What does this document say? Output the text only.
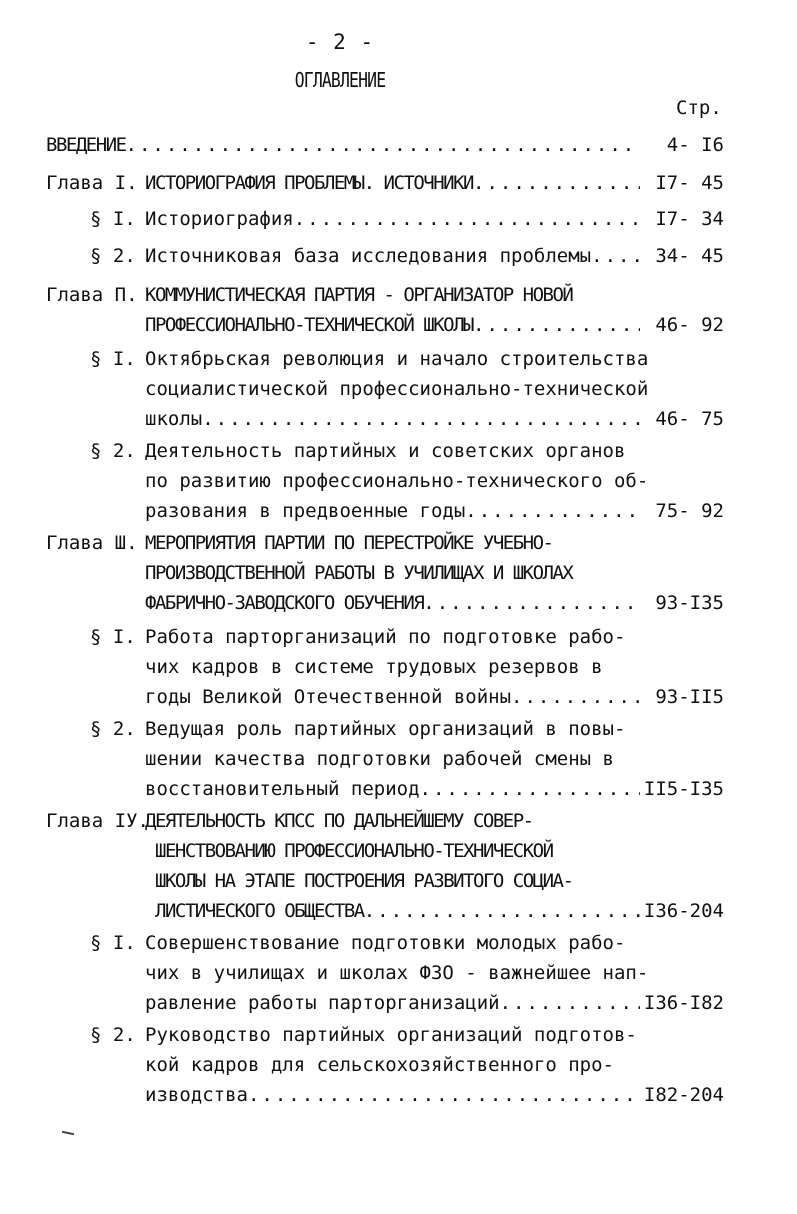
- 2 -
ОГЛАВЛЕНИЕ
Стр.
ВВЕДЕНИЕ .....	4- I6
Глава I. ИСТОРИОГРАФИЯ ПРОБЛЕМЫ. ИСТОЧНИКИ .....	I7- 45
§ I. Историография .....	I7- 34
§ 2. Источниковая база исследования проблемы .....	34- 45
Глава П. КОММУНИСТИЧЕСКАЯ ПАРТИЯ - ОРГАНИЗАТОР НОВОЙ
ПРОФЕССИОНАЛЬНО-ТЕХНИЧЕСКОЙ ШКОЛЫ .....	46- 92
§ I. Октябрьская революция и начало строительства
социалистической профессионально-технической
школы .....	46- 75
§ 2. Деятельность партийных и советских органов
по развитию профессионально-технического об-
разования в предвоенные годы .....	75- 92
Глава Ш. МЕРОПРИЯТИЯ ПАРТИИ ПО ПЕРЕСТРОЙКЕ УЧЕБНО-
ПРОИЗВОДСТВЕННОЙ РАБОТЫ В УЧИЛИЩАХ И ШКОЛАХ
ФАБРИЧНО-ЗАВОДСКОГО ОБУЧЕНИЯ .....	93-I35
§ I. Работа парторганизаций по подготовке рабо-
чих кадров в системе трудовых резервов в
годы Великой Отечественной войны .....	93-II5
§ 2. Ведущая роль партийных организаций в повы-
шении качества подготовки рабочей смены в
восстановительный период .....	II5-I35
Глава IУ.
ДЕЯТЕЛЬНОСТЬ КПСС ПО ДАЛЬНЕЙШЕМУ СОВЕР-
ШЕНСТВОВАНИЮ ПРОФЕССИОНАЛЬНО-ТЕХНИЧЕСКОЙ
ШКОЛЫ НА ЭТАПЕ ПОСТРОЕНИЯ РАЗВИТОГО СОЦИА-
ЛИСТИЧЕСКОГО ОБЩЕСТВА .....	I36-204
§ I. Совершенствование подготовки молодых рабо-
чих в училищах и школах ФЗО - важнейшее нап-
равление работы парторганизаций .....	I36-I82
§ 2. Руководство партийных организаций подготов-
кой кадров для сельскохозяйственного про-
изводства .....	I82-204
